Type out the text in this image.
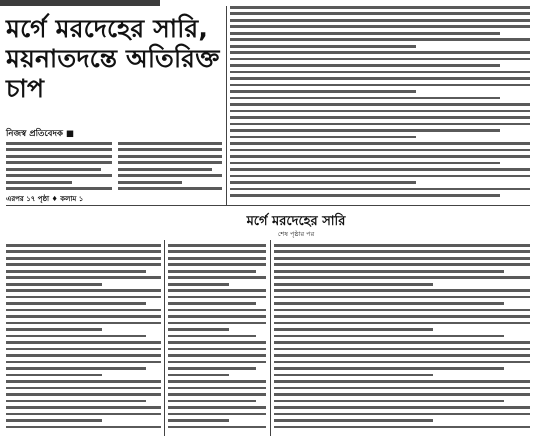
মর্গে মরদেহের সারি, ময়নাতদন্তে অতিরিক্ত চাপ
নিজস্ব প্রতিবেদক ■
এরপর ১৭ পৃষ্ঠা ♦ কলাম ১
মর্গে মরদেহের সারি
শেষ পৃষ্ঠার পর
